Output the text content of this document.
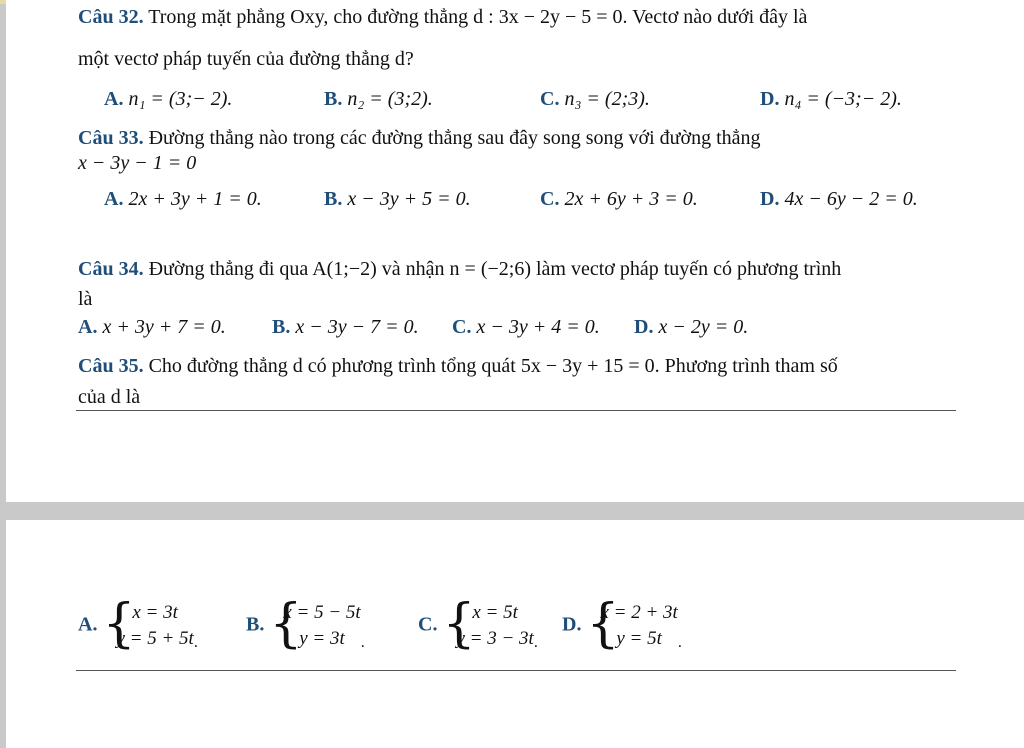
Câu 32. Trong mặt phẳng Oxy, cho đường thẳng d : 3x − 2y − 5 = 0. Vectơ nào dưới đây là
một vectơ pháp tuyến của đường thẳng d?
A. n₁ = (3;− 2).	B. n₂ = (3;2).	C. n₃ = (2;3).	D. n₄ = (−3;− 2).
Câu 33. Đường thẳng nào trong các đường thẳng sau đây song song với đường thẳng
x − 3y − 1 = 0
A. 2x + 3y + 1 = 0.	B. x − 3y + 5 = 0.	C. 2x + 6y + 3 = 0.	D. 4x − 6y − 2 = 0.
Câu 34. Đường thẳng đi qua A(1;−2) và nhận n = (−2;6) làm vectơ pháp tuyến có phương trình
là
A. x + 3y + 7 = 0. B. x − 3y − 7 = 0. C. x − 3y + 4 = 0. D. x − 2y = 0.
Câu 35. Cho đường thẳng d có phương trình tổng quát 5x − 3y + 15 = 0. Phương trình tham số
của d là
A. {
x = 3t
y = 5 + 5t .
B. {
x = 5 − 5t
y = 3t .
C. {
x = 5t
y = 3 − 3t .
D. {
x = 2 + 3t
y = 5t .
